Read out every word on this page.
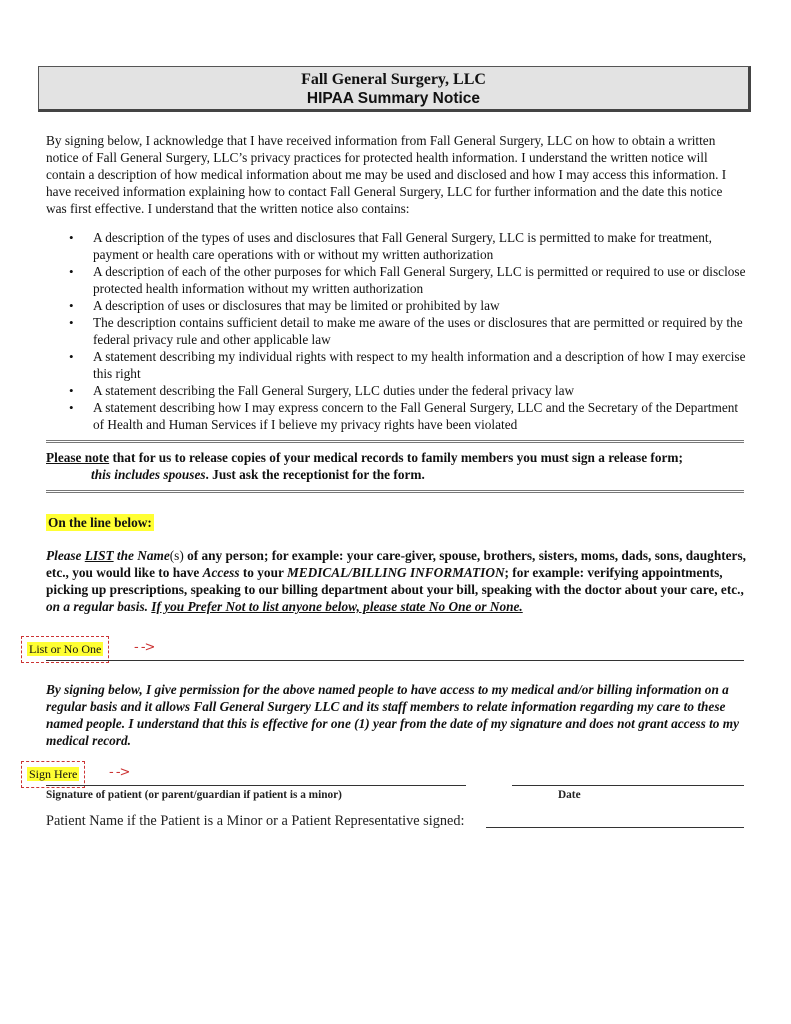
Fall General Surgery, LLC
HIPAA Summary Notice
By signing below, I acknowledge that I have received information from Fall General Surgery, LLC on how to obtain a written notice of Fall General Surgery, LLC’s privacy practices for protected health information. I understand the written notice will contain a description of how medical information about me may be used and disclosed and how I may access this information. I have received information explaining how to contact Fall General Surgery, LLC for further information and the date this notice was first effective. I understand that the written notice also contains:
• A description of the types of uses and disclosures that Fall General Surgery, LLC is permitted to make for treatment, payment or health care operations with or without my written authorization
• A description of each of the other purposes for which Fall General Surgery, LLC is permitted or required to use or disclose protected health information without my written authorization
• A description of uses or disclosures that may be limited or prohibited by law
• The description contains sufficient detail to make me aware of the uses or disclosures that are permitted or required by the federal privacy rule and other applicable law
• A statement describing my individual rights with respect to my health information and a description of how I may exercise this right
• A statement describing the Fall General Surgery, LLC duties under the federal privacy law
• A statement describing how I may express concern to the Fall General Surgery, LLC and the Secretary of the Department of Health and Human Services if I believe my privacy rights have been violated
Please note that for us to release copies of your medical records to family members you must sign a release form;
this includes spouses. Just ask the receptionist for the form.
On the line below:
Please LIST the Name(s) of any person; for example: your care-giver, spouse, brothers, sisters, moms, dads, sons, daughters, etc., you would like to have Access to your MEDICAL/BILLING INFORMATION; for example: verifying appointments, picking up prescriptions, speaking to our billing department about your bill, speaking with the doctor about your care, etc., on a regular basis. If you Prefer Not to list anyone below, please state No One or None.
List or No One	- ->
By signing below, I give permission for the above named people to have access to my medical and/or billing information on a regular basis and it allows Fall General Surgery LLC and its staff members to relate information regarding my care to these named people. I understand that this is effective for one (1) year from the date of my signature and does not grant access to my medical record.
Sign Here	- ->
Signature of patient (or parent/guardian if patient is a minor)	Date
Patient Name if the Patient is a Minor or a Patient Representative signed:
